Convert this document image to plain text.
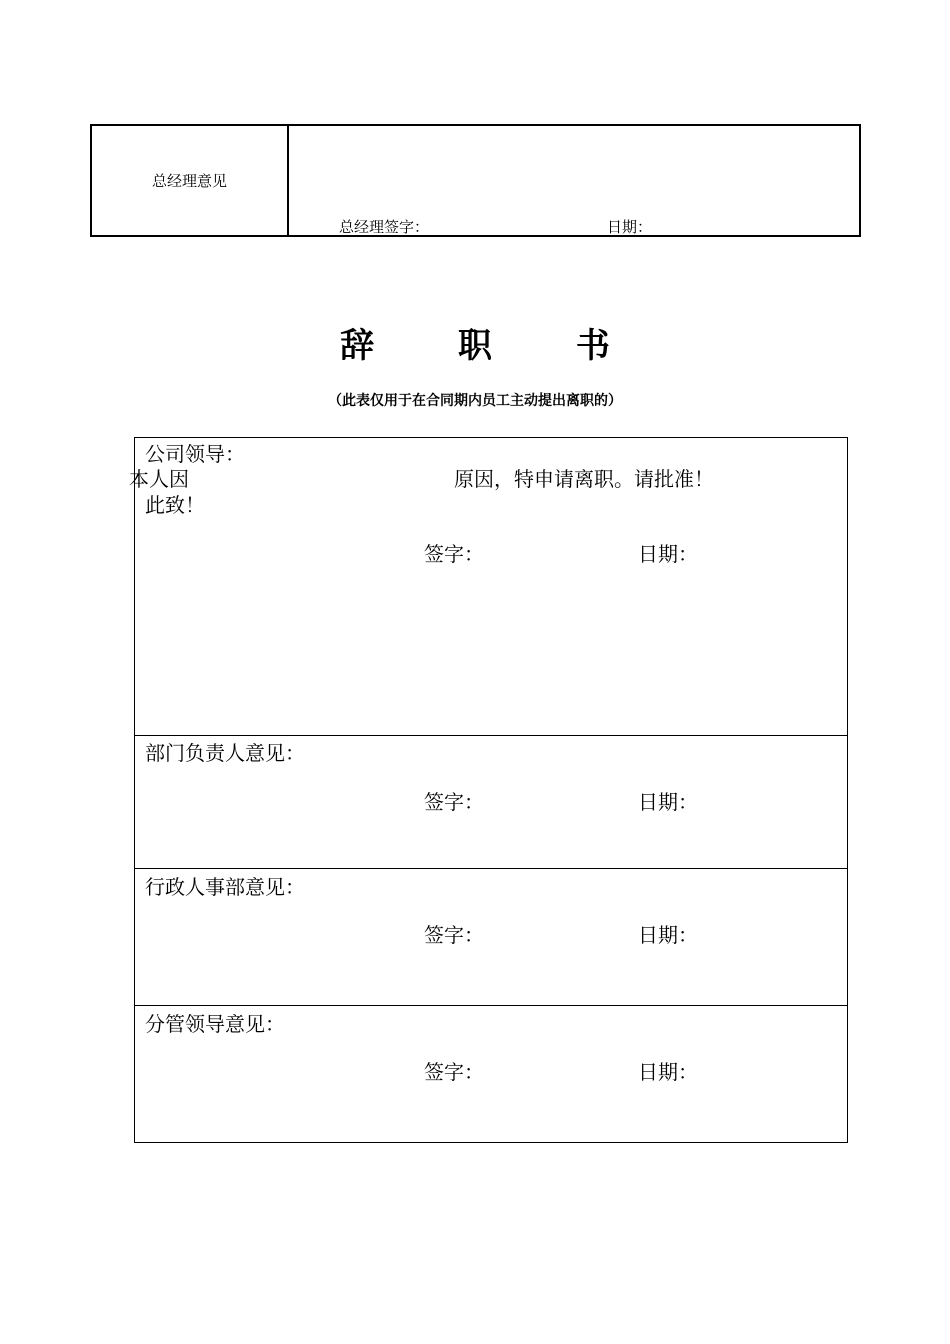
总经理意见
总经理签字：	日期：
辞 职 书
（此表仅用于在合同期内员工主动提出离职的）
公司领导：
本人因	原因，特申请离职。请批准！
此致！
签字：	日期：
部门负责人意见：
签字：	日期：
行政人事部意见：
签字：	日期：
分管领导意见：
签字：	日期：
